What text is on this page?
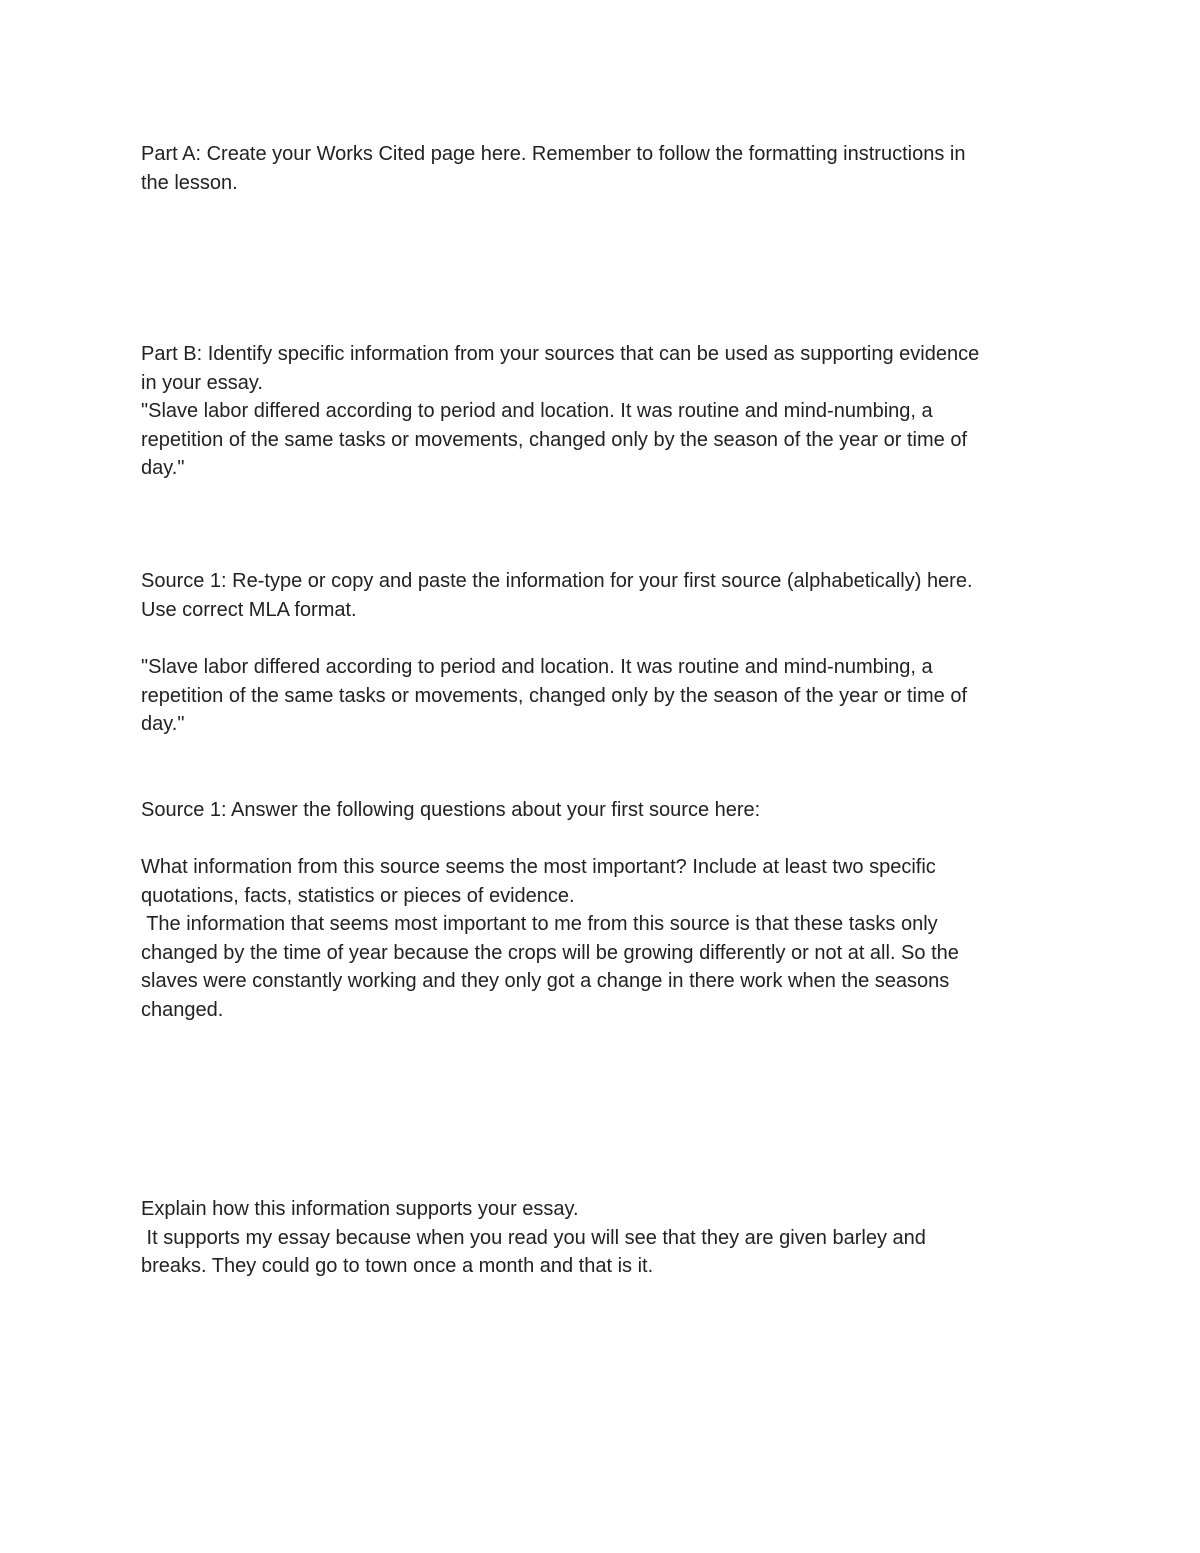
Part A: Create your Works Cited page here. Remember to follow the formatting instructions in
the lesson.
Part B: Identify specific information from your sources that can be used as supporting evidence
in your essay.
"Slave labor differed according to period and location. It was routine and mind-numbing, a
repetition of the same tasks or movements, changed only by the season of the year or time of
day."
Source 1: Re-type or copy and paste the information for your first source (alphabetically) here.
Use correct MLA format.
"Slave labor differed according to period and location. It was routine and mind-numbing, a
repetition of the same tasks or movements, changed only by the season of the year or time of
day."
Source 1: Answer the following questions about your first source here:
What information from this source seems the most important? Include at least two specific
quotations, facts, statistics or pieces of evidence.
The information that seems most important to me from this source is that these tasks only
changed by the time of year because the crops will be growing differently or not at all. So the
slaves were constantly working and they only got a change in there work when the seasons
changed.
Explain how this information supports your essay.
It supports my essay because when you read you will see that they are given barley and
breaks. They could go to town once a month and that is it.
